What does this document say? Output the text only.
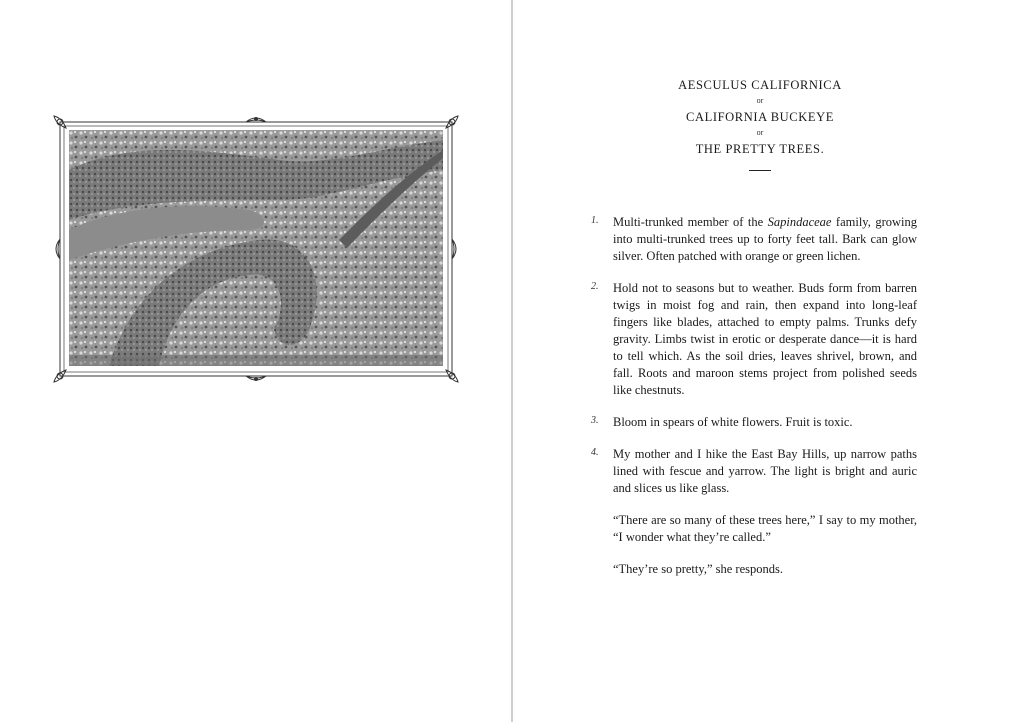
AESCULUS CALIFORNICA

or

CALIFORNIA BUCKEYE

or

THE PRETTY TREES.

1. Multi-trunked member of the Sapindaceae family, growing into multi-trunked trees up to forty feet tall. Bark can glow silver. Often patched with orange or green lichen.
2. Hold not to seasons but to weather. Buds form from barren twigs in moist fog and rain, then expand into long-leaf fingers like blades, attached to empty palms. Trunks defy gravity. Limbs twist in erotic or desperate dance—it is hard to tell which. As the soil dries, leaves shrivel, brown, and fall. Roots and maroon stems project from polished seeds like chestnuts.
3. Bloom in spears of white flowers. Fruit is toxic.
4. My mother and I hike the East Bay Hills, up narrow paths lined with fescue and yarrow. The light is bright and auric and slices us like glass.

“There are so many of these trees here,” I say to my mother, “I wonder what they’re called.”

“They’re so pretty,” she responds.
